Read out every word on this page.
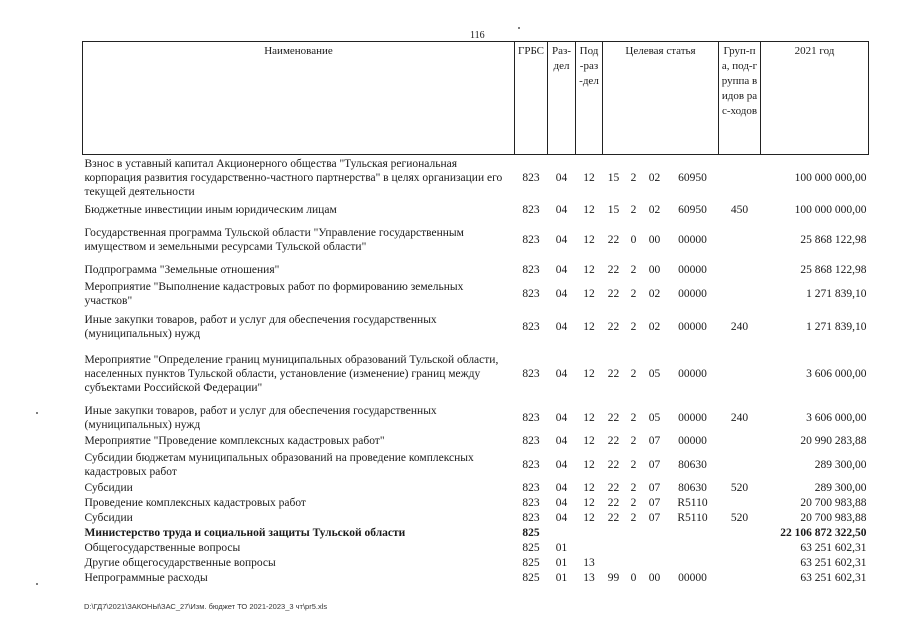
116
Наименование	ГРБС	Раз-дел	Под-раз-дел	Целевая статья				Груп-па, под-группа видов рас-ходов	2021 год
Взнос в уставный капитал Акционерного общества "Тульская региональная корпорация развития государственно-частного партнерства" в целях организации его текущей деятельности	823	04	12	15	2	02	60950		100 000 000,00
Бюджетные инвестиции иным юридическим лицам	823	04	12	15	2	02	60950	450	100 000 000,00
Государственная программа Тульской области "Управление государственным имуществом и земельными ресурсами Тульской области"	823	04	12	22	0	00	00000		25 868 122,98
Подпрограмма "Земельные отношения"	823	04	12	22	2	00	00000		25 868 122,98
Мероприятие "Выполнение кадастровых работ по формированию земельных участков"	823	04	12	22	2	02	00000		1 271 839,10
Иные закупки товаров, работ и услуг для обеспечения государственных (муниципальных) нужд	823	04	12	22	2	02	00000	240	1 271 839,10
Мероприятие "Определение границ муниципальных образований Тульской области, населенных пунктов Тульской области, установление (изменение) границ между субъектами Российской Федерации"	823	04	12	22	2	05	00000		3 606 000,00
Иные закупки товаров, работ и услуг для обеспечения государственных (муниципальных) нужд	823	04	12	22	2	05	00000	240	3 606 000,00
Мероприятие "Проведение комплексных кадастровых работ"	823	04	12	22	2	07	00000		20 990 283,88
Субсидии бюджетам муниципальных образований на проведение комплексных кадастровых работ	823	04	12	22	2	07	80630		289 300,00
Субсидии	823	04	12	22	2	07	80630	520	289 300,00
Проведение комплексных кадастровых работ	823	04	12	22	2	07	R5110		20 700 983,88
Субсидии	823	04	12	22	2	07	R5110	520	20 700 983,88
Министерство труда и социальной защиты Тульской области	825								22 106 872 322,50
Общегосударственные вопросы	825	01							63 251 602,31
Другие общегосударственные вопросы	825	01	13						63 251 602,31
Непрограммные расходы	825	01	13	99	0	00	00000		63 251 602,31
D:\ГД7\2021\ЗАКОНЫ\ЗАС_27\Изм. бюджет ТО 2021-2023_3 чт\pr5.xls
